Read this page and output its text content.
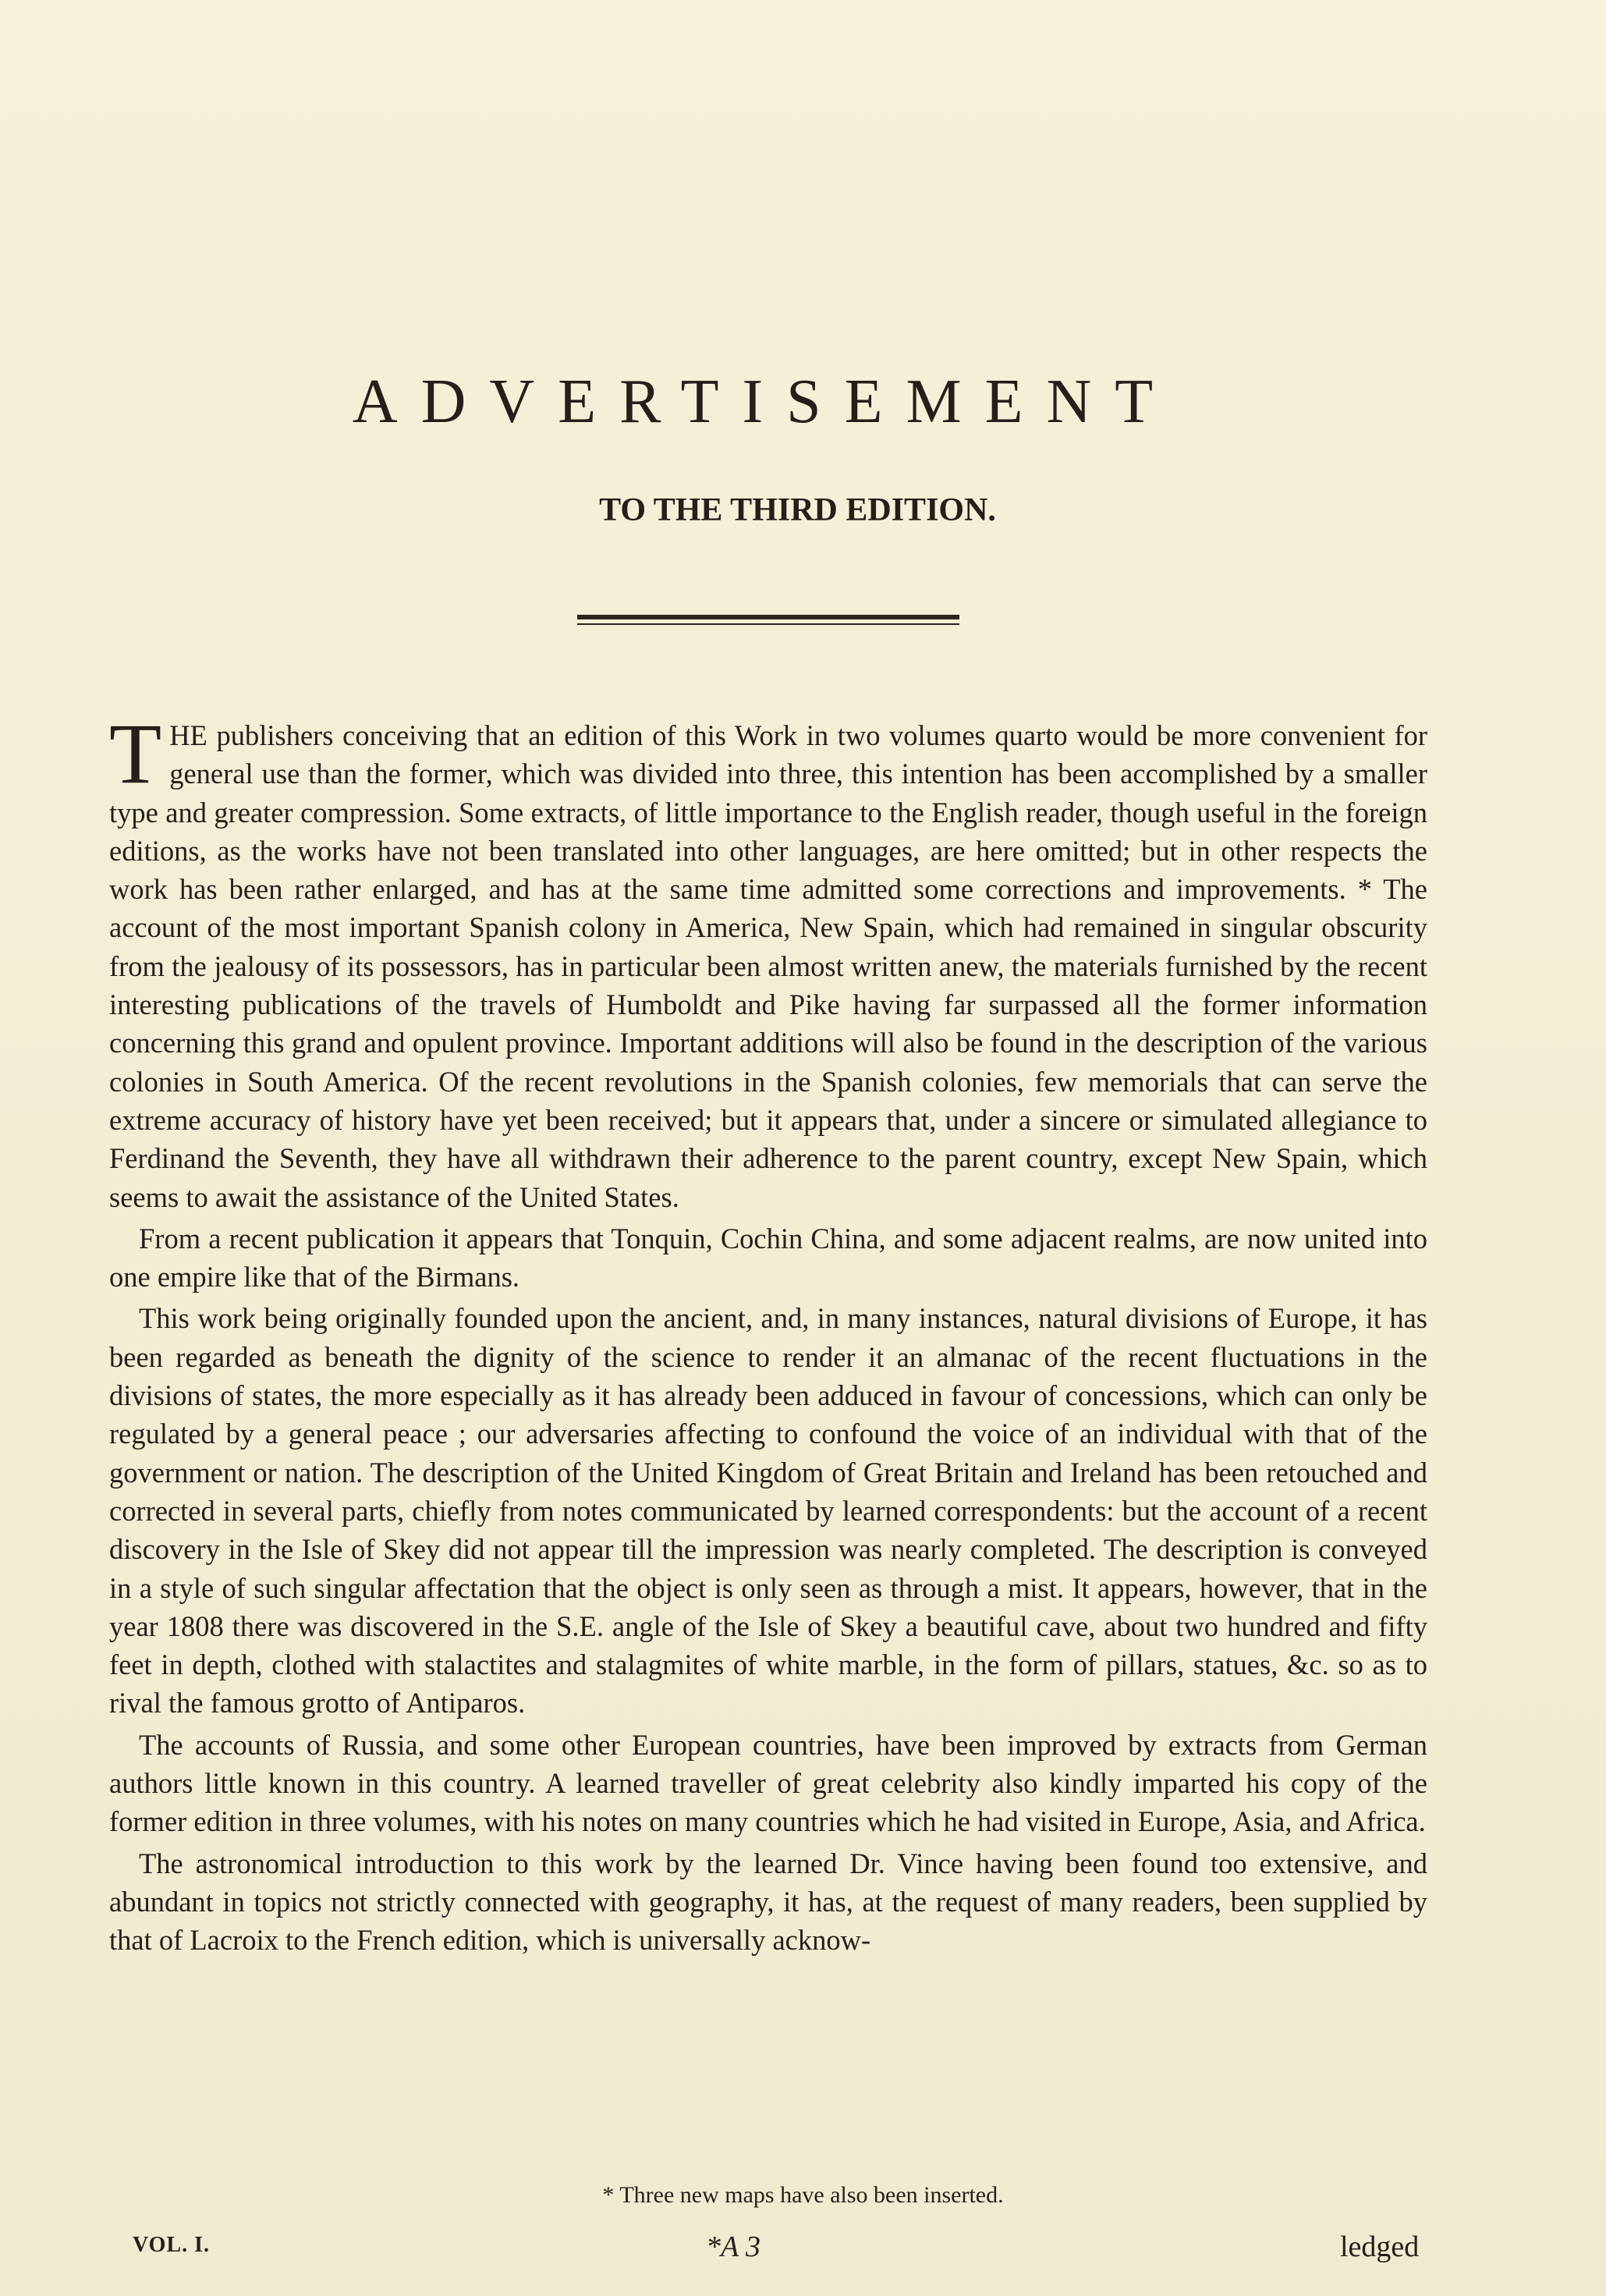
ADVERTISEMENT
TO THE THIRD EDITION.

THE publishers conceiving that an edition of this Work in two volumes quarto would be more convenient for general use than the former, which was divided into three, this intention has been accomplished by a smaller type and greater compression. Some extracts, of little importance to the English reader, though useful in the foreign editions, as the works have not been translated into other languages, are here omitted; but in other respects the work has been rather enlarged, and has at the same time admitted some corrections and improvements. * The account of the most important Spanish colony in America, New Spain, which had remained in singular obscurity from the jealousy of its possessors, has in particular been almost written anew, the materials furnished by the recent interesting publications of the travels of Humboldt and Pike having far surpassed all the former information concerning this grand and opulent province. Important additions will also be found in the description of the various colonies in South America. Of the recent revolutions in the Spanish colonies, few memorials that can serve the extreme accuracy of history have yet been received; but it appears that, under a sincere or simulated allegiance to Ferdinand the Seventh, they have all withdrawn their adherence to the parent country, except New Spain, which seems to await the assistance of the United States.

From a recent publication it appears that Tonquin, Cochin China, and some adjacent realms, are now united into one empire like that of the Birmans.

This work being originally founded upon the ancient, and, in many instances, natural divisions of Europe, it has been regarded as beneath the dignity of the science to render it an almanac of the recent fluctuations in the divisions of states, the more especially as it has already been adduced in favour of concessions, which can only be regulated by a general peace ; our adversaries affecting to confound the voice of an individual with that of the government or nation. The description of the United Kingdom of Great Britain and Ireland has been retouched and corrected in several parts, chiefly from notes communicated by learned correspondents: but the account of a recent discovery in the Isle of Skey did not appear till the impression was nearly completed. The description is conveyed in a style of such singular affectation that the object is only seen as through a mist. It appears, however, that in the year 1808 there was discovered in the S.E. angle of the Isle of Skey a beautiful cave, about two hundred and fifty feet in depth, clothed with stalactites and stalagmites of white marble, in the form of pillars, statues, &c. so as to rival the famous grotto of Antiparos.

The accounts of Russia, and some other European countries, have been improved by extracts from German authors little known in this country. A learned traveller of great celebrity also kindly imparted his copy of the former edition in three volumes, with his notes on many countries which he had visited in Europe, Asia, and Africa.

The astronomical introduction to this work by the learned Dr. Vince having been found too extensive, and abundant in topics not strictly connected with geography, it has, at the request of many readers, been supplied by that of Lacroix to the French edition, which is universally acknow-

* Three new maps have also been inserted.
VOL. I.	*A 3	ledged
